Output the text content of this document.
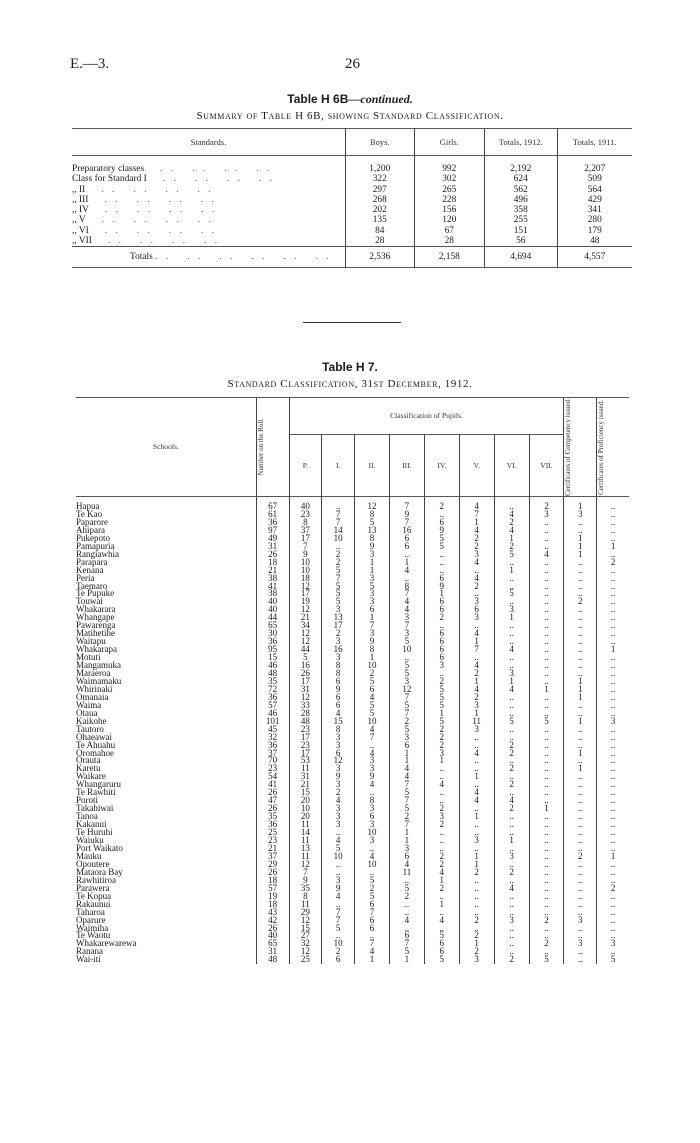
E.—3.	26
Table H 6B—continued.
Summary of Table H 6B, showing Standard Classification.
Standards.	Boys.	Girls.	Totals, 1912.	Totals, 1911.
Preparatory classes   . .   . .   . .   . .	1,200	992	2,192	2,207
Class for Standard I   . .   . .   . .   . .	322	302	624	509
,, II   . .   . .   . .   . .	297	265	562	564
,, III   . .   . .   . .   . .	268	228	496	429
,, IV   . .   . .   . .   . .	202	156	358	341
,, V   . .   . .   . .   . .	135	120	255	280
,, VI   . .   . .   . .   . .	84	67	151	179
,, VII   . .   . .   . .   . .	28	28	56	48
Totals . .   . .   . .   . .   . .   . .	2,536	2,158	4,694	4,557
Table H 7.
Standard Classification, 31st December, 1912.
Schools.	Number on the Roll.	Classification of Pupils.								Certificates of Competency issued.	Certificates of Proficiency issued.

		P.	I.	II.	III.	IV.	V.	VI.	VII.		
Hapua	67	40	..	12	7	2	4	..	2	1	..
Te Kao	61	23	7	8	9	..	7	4	3	3	..
Paparore	36	8	7	5	7	6	1	2	..	..	..
Ahipara	97	37	14	13	16	9	4	4	..	..	..
Pukepoto	49	17	10	8	6	5	2	1	..	1	..
Pamapuria	31	7	..	9	6	5	2	2	..	1	1
Rangiawhia	26	9	2	3	..	..	3	5	4	1	..
Parapara	18	10	2	1	1	..	4	..	..	..	2
Kenana	21	10	5	1	4	..	..	1	..	..	..
Peria	38	18	7	3	..	6	4	..	..	..	..
Taemaro	41	12	5	5	8	9	2	..	..	..	..
Te Pupuke	38	17	5	3	7	1	..	5	..	..	..
Touwai	40	19	5	3	4	6	3	..	..	2	..
Whakarara	40	12	3	6	4	6	6	3	..	..	..
Whangape	44	21	13	1	3	2	3	1	..	..	..
Pawarenga	65	34	17	7	7	..	..	..	..	..	..
Matihetihe	30	12	2	3	3	6	4	..	..	..	..
Waitapu	36	12	3	9	5	6	1	..	..	..	..
Whakarapa	95	44	16	8	10	6	7	4	..	..	1
Motuti	15	5	3	1	..	6	..	..	..	..	..
Mangamuka	46	16	8	10	5	3	4	..	..	..	..
Maraeroa	48	26	8	2	5	..	2	3	..	..	..
Waimamaku	35	17	6	5	3	2	1	1	..	1	..
Whirinaki	72	31	9	6	12	5	4	4	1	1	..
Omanaia	36	12	6	4	7	5	2	..	..	1	..
Waima	57	33	6	5	5	5	3	..	..	..	..
Otaua	46	28	4	5	7	1	1	..	..	..	..
Kaikohe	101	48	15	10	2	5	11	5	5	1	3
Tautoro	45	23	8	4	5	2	3	..	..	..	..
Ohaeawai	32	17	3	7	3	2	..	..	..	..	..
Te Ahuahu	36	23	3	..	6	2	..	2	..	..	..
Oromahoe	37	17	6	4	1	3	4	2	..	1	..
Orauta	70	53	12	3	1	1	..	..	..	..	..
Karetu	23	11	3	3	4	..	..	2	..	1	..
Waikare	54	31	9	9	4	..	1	..	..	..	..
Whangaruru	41	21	3	4	7	4	..	2	..	..	..
Te Rawhiti	26	15	2	..	5	..	4	..	..	..	..
Poroti	47	20	4	8	7	..	4	4	..	..	..
Takahiwai	26	10	3	3	5	2	..	2	1	..	..
Tanoa	35	20	3	6	2	3	1	..	..	..	..
Kakanui	36	11	3	3	7	2	..	..	..	..	..
Te Huruhi	25	14	..	10	1	..	..	..	..	..	..
Waiuku	23	11	4	3	1	..	3	1	..	..	..
Port Waikato	21	13	5	..	3	..	..	..	..	..	..
Mauku	37	11	10	4	6	2	1	3	..	2	1
Opoutere	29	12	..	10	4	2	1	..	..	..	..
Mataora Bay	26	7	..	..	11	4	2	2	..	..	..
Rawhitiroa	18	9	3	5	..	1	..	..	..	..	..
Parawera	57	35	9	2	5	2	..	4	..	..	2
Te Kopua	19	8	4	5	2	..	..	..	..	..	..
Rakaunui	18	11	..	6	..	1	..	..	..	..	..
Taharoa	43	29	7	7	..	..	..	..	..	..	..
Oparure	42	12	7	6	4	4	2	3	2	3	..
Waimiha	26	15	5	6	..	..	..	..	..	..	..
Te Waotu	40	27	..	..	6	5	2	..	..	..	..
Whakarewarewa	65	32	10	7	7	6	1	..	2	3	3
Ranana	31	12	2	4	5	6	2	..	..	..	..
Wai-iti	48	25	6	1	1	5	3	2	5	..	5
